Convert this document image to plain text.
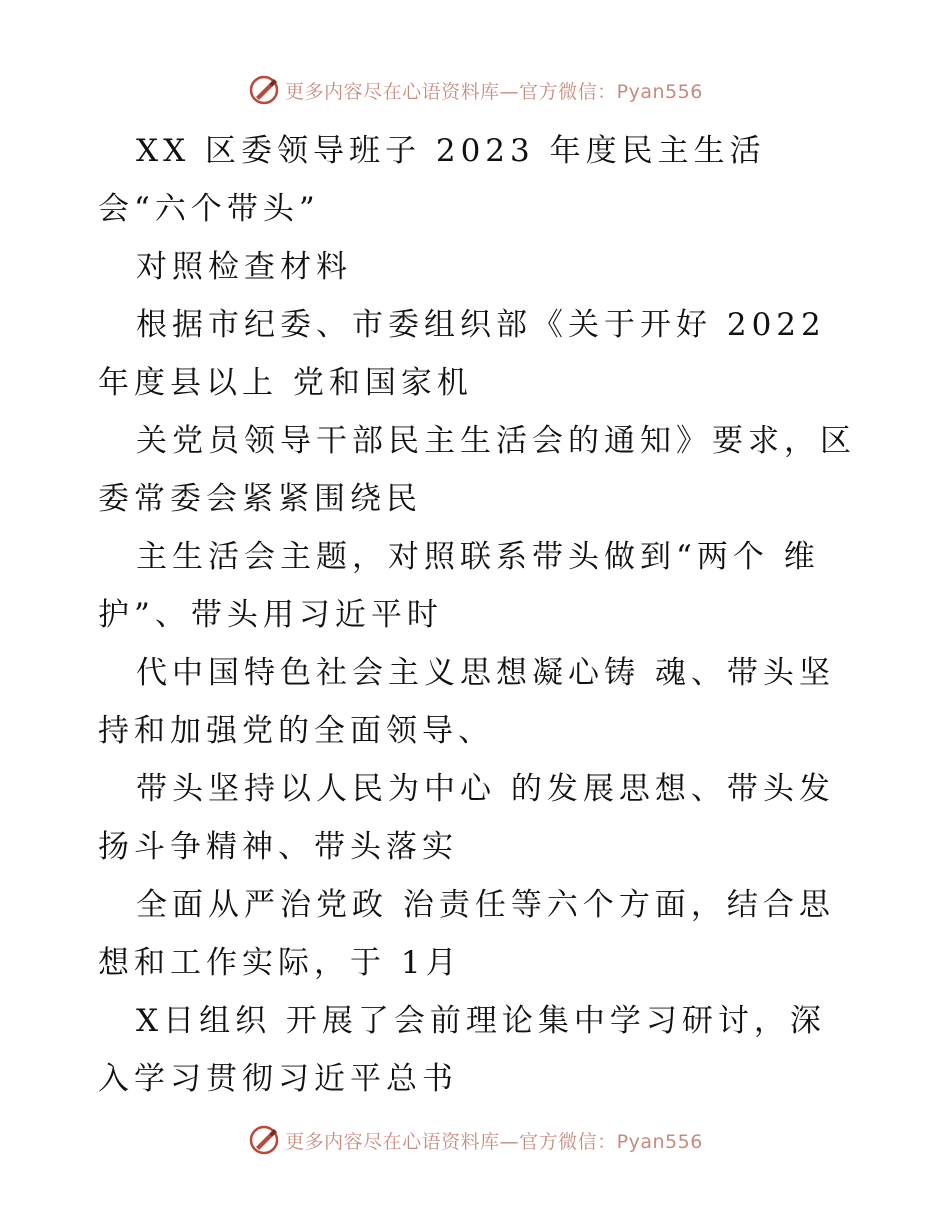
更多内容尽在心语资料库—官方微信：Pyan556

XX 区委领导班子 2023 年度民主生活会“六个带头”

对照检查材料

根据市纪委、市委组织部《关于开好 2022 年度县以上 党和国家机

关党员领导干部民主生活会的通知》要求，区委常委会紧紧围绕民

主生活会主题，对照联系带头做到“两个 维护”、带头用习近平时

代中国特色社会主义思想凝心铸 魂、带头坚持和加强党的全面领导、

带头坚持以人民为中心 的发展思想、带头发扬斗争精神、带头落实

全面从严治党政 治责任等六个方面，结合思想和工作实际，于 1月

X日组织 开展了会前理论集中学习研讨，深入学习贯彻习近平总书

更多内容尽在心语资料库—官方微信：Pyan556
